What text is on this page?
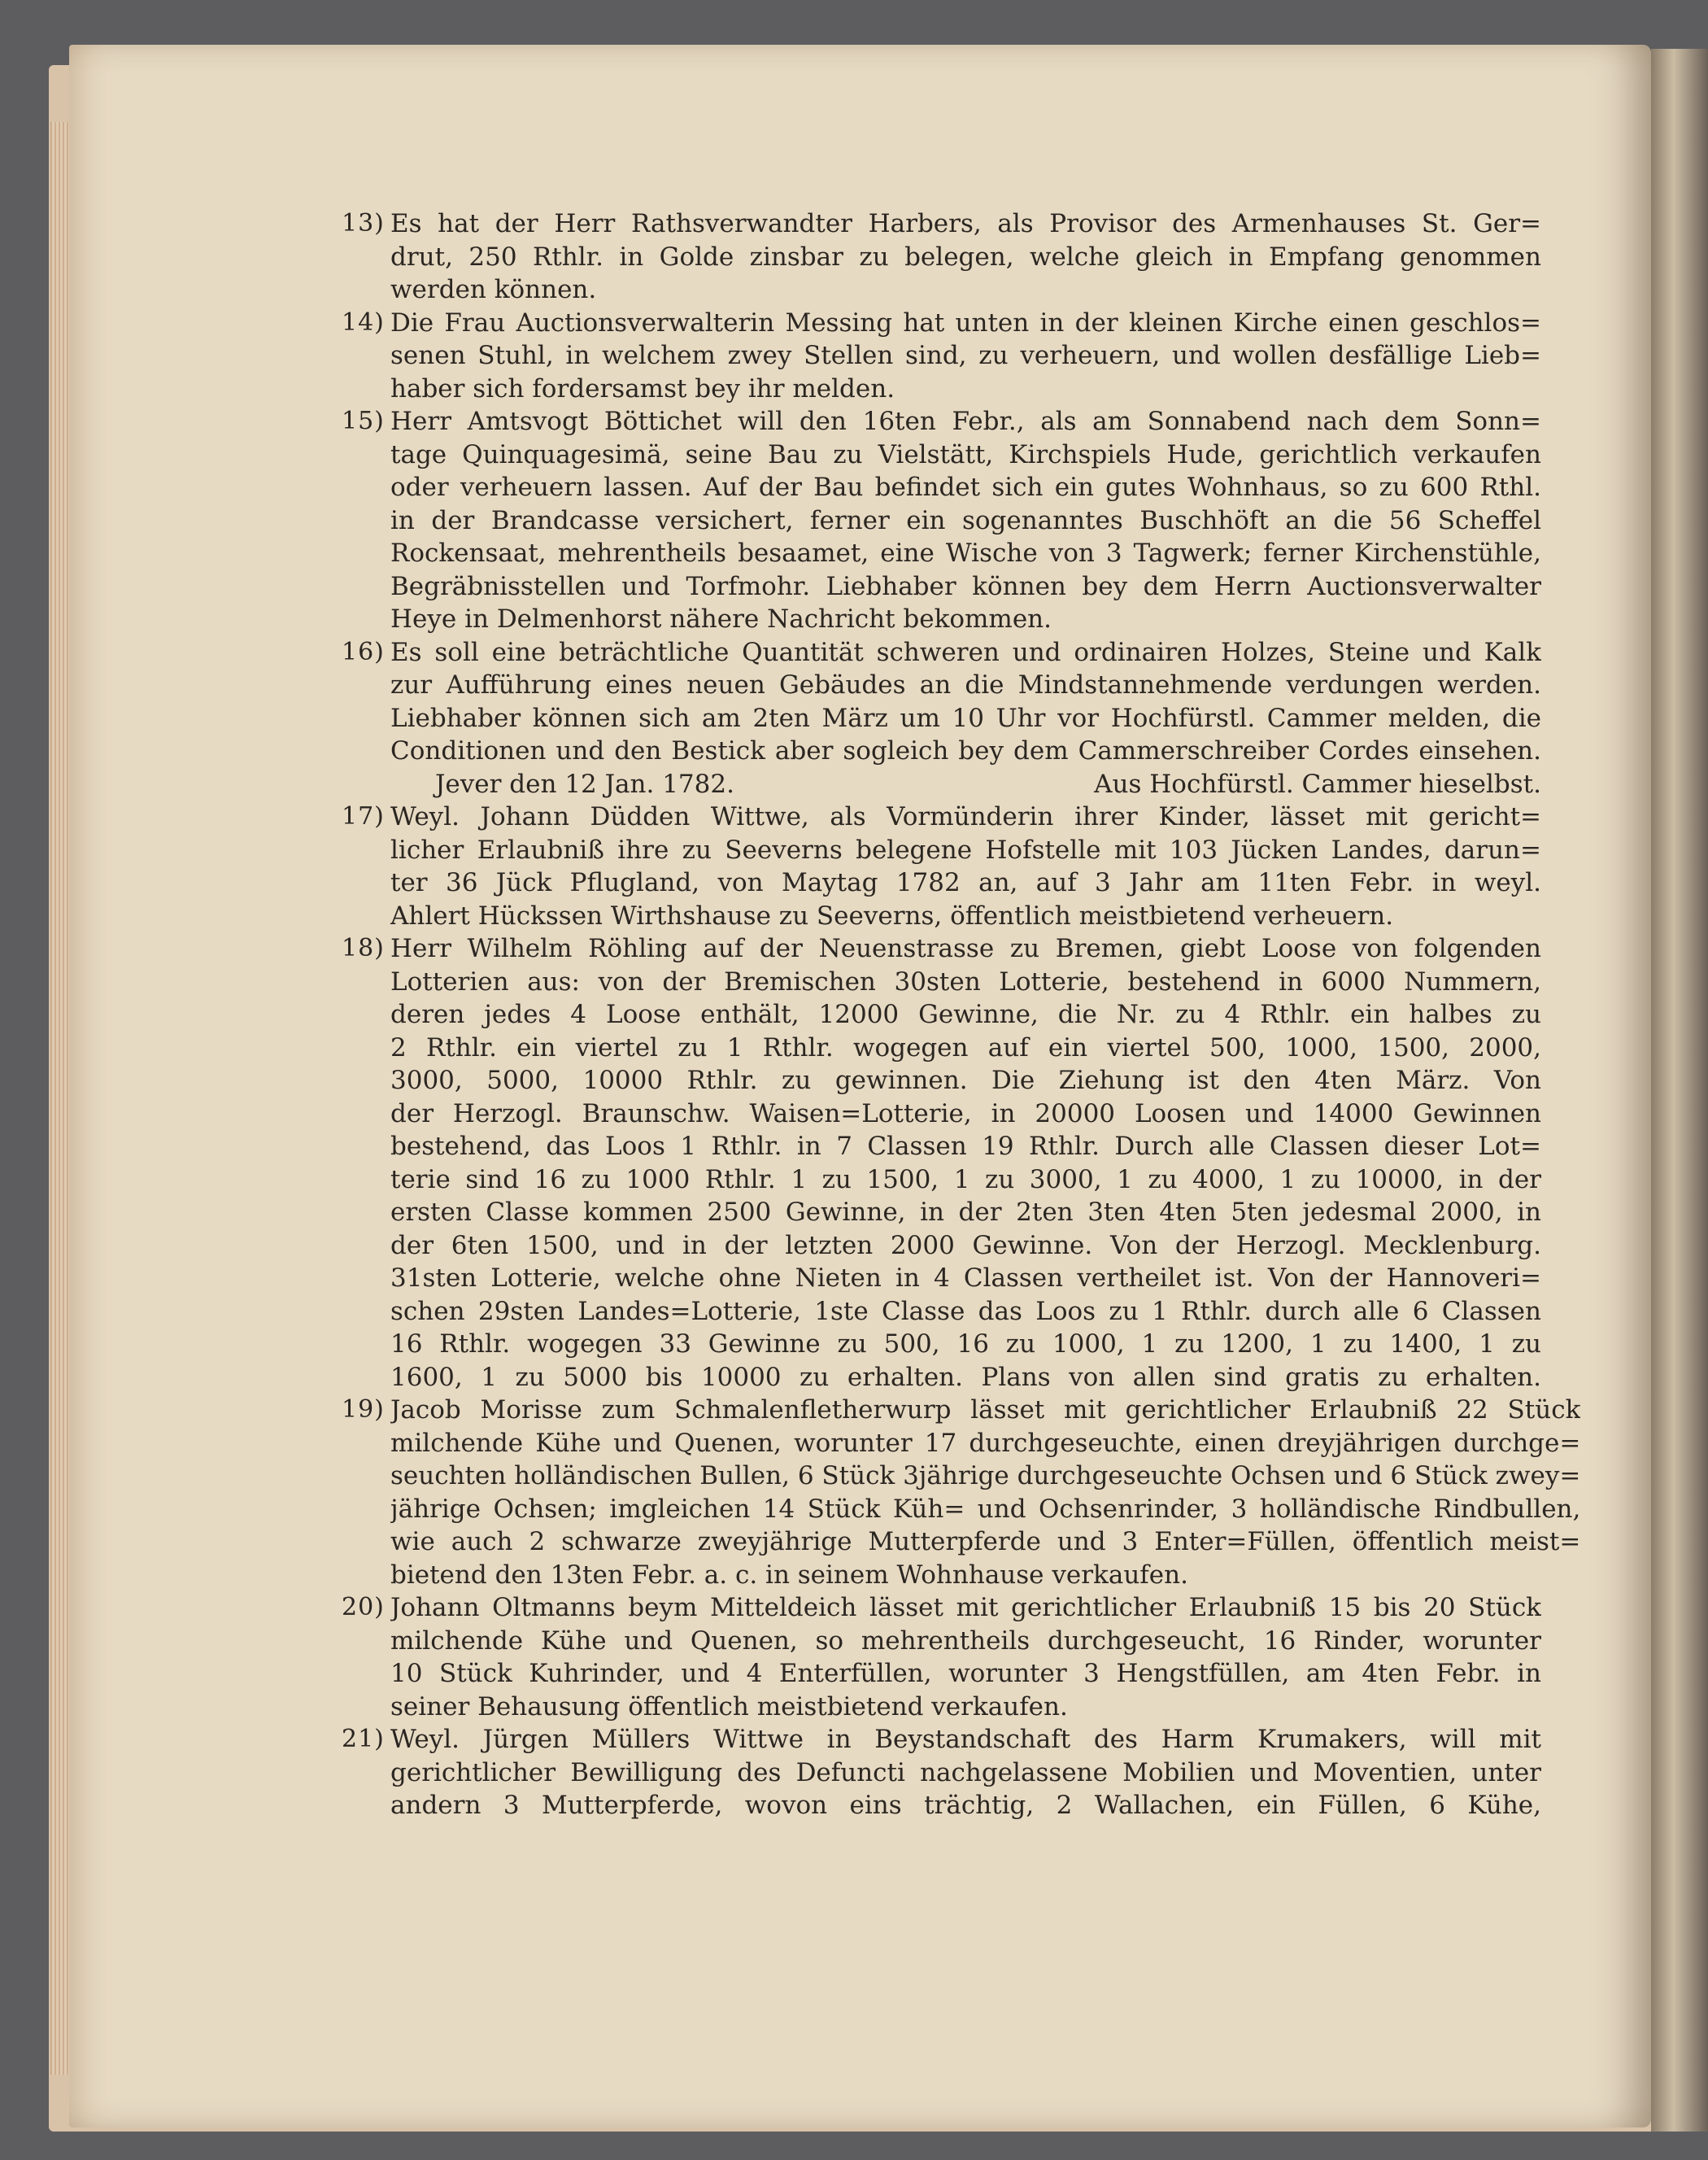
13) Es hat der Herr Rathsverwandter Harbers, als Provisor des Armenhauses St. Ger=
drut, 250 Rthlr. in Golde zinsbar zu belegen, welche gleich in Empfang genommen
werden können.
14) Die Frau Auctionsverwalterin Messing hat unten in der kleinen Kirche einen geschlos=
senen Stuhl, in welchem zwey Stellen sind, zu verheuern, und wollen desfällige Lieb=
haber sich fordersamst bey ihr melden.
15) Herr Amtsvogt Böttichet will den 16ten Febr., als am Sonnabend nach dem Sonn=
tage Quinquagesimä, seine Bau zu Vielstätt, Kirchspiels Hude, gerichtlich verkaufen
oder verheuern lassen. Auf der Bau befindet sich ein gutes Wohnhaus, so zu 600 Rthl.
in der Brandcasse versichert, ferner ein sogenanntes Buschhöft an die 56 Scheffel
Rockensaat, mehrentheils besaamet, eine Wische von 3 Tagwerk; ferner Kirchenstühle,
Begräbnisstellen und Torfmohr. Liebhaber können bey dem Herrn Auctionsverwalter
Heye in Delmenhorst nähere Nachricht bekommen.
16) Es soll eine beträchtliche Quantität schweren und ordinairen Holzes, Steine und Kalk
zur Aufführung eines neuen Gebäudes an die Mindstannehmende verdungen werden.
Liebhaber können sich am 2ten März um 10 Uhr vor Hochfürstl. Cammer melden, die
Conditionen und den Bestick aber sogleich bey dem Cammerschreiber Cordes einsehen.
Jever den 12 Jan. 1782.	Aus Hochfürstl. Cammer hieselbst.
17) Weyl. Johann Düdden Wittwe, als Vormünderin ihrer Kinder, lässet mit gericht=
licher Erlaubniß ihre zu Seeverns belegene Hofstelle mit 103 Jücken Landes, darun=
ter 36 Jück Pflugland, von Maytag 1782 an, auf 3 Jahr am 11ten Febr. in weyl.
Ahlert Hückssen Wirthshause zu Seeverns, öffentlich meistbietend verheuern.
18) Herr Wilhelm Röhling auf der Neuenstrasse zu Bremen, giebt Loose von folgenden
Lotterien aus: von der Bremischen 30sten Lotterie, bestehend in 6000 Nummern,
deren jedes 4 Loose enthält, 12000 Gewinne, die Nr. zu 4 Rthlr. ein halbes zu
2 Rthlr. ein viertel zu 1 Rthlr. wogegen auf ein viertel 500, 1000, 1500, 2000,
3000, 5000, 10000 Rthlr. zu gewinnen. Die Ziehung ist den 4ten März. Von
der Herzogl. Braunschw. Waisen=Lotterie, in 20000 Loosen und 14000 Gewinnen
bestehend, das Loos 1 Rthlr. in 7 Classen 19 Rthlr. Durch alle Classen dieser Lot=
terie sind 16 zu 1000 Rthlr. 1 zu 1500, 1 zu 3000, 1 zu 4000, 1 zu 10000, in der
ersten Classe kommen 2500 Gewinne, in der 2ten 3ten 4ten 5ten jedesmal 2000, in
der 6ten 1500, und in der letzten 2000 Gewinne. Von der Herzogl. Mecklenburg.
31sten Lotterie, welche ohne Nieten in 4 Classen vertheilet ist. Von der Hannoveri=
schen 29sten Landes=Lotterie, 1ste Classe das Loos zu 1 Rthlr. durch alle 6 Classen
16 Rthlr. wogegen 33 Gewinne zu 500, 16 zu 1000, 1 zu 1200, 1 zu 1400, 1 zu
1600, 1 zu 5000 bis 10000 zu erhalten. Plans von allen sind gratis zu erhalten.
19) Jacob Morisse zum Schmalenfletherwurp lässet mit gerichtlicher Erlaubniß 22 Stück
milchende Kühe und Quenen, worunter 17 durchgeseuchte, einen dreyjährigen durchge=
seuchten holländischen Bullen, 6 Stück 3jährige durchgeseuchte Ochsen und 6 Stück zwey=
jährige Ochsen; imgleichen 14 Stück Küh= und Ochsenrinder, 3 holländische Rindbullen,
wie auch 2 schwarze zweyjährige Mutterpferde und 3 Enter=Füllen, öffentlich meist=
bietend den 13ten Febr. a. c. in seinem Wohnhause verkaufen.
20) Johann Oltmanns beym Mitteldeich lässet mit gerichtlicher Erlaubniß 15 bis 20 Stück
milchende Kühe und Quenen, so mehrentheils durchgeseucht, 16 Rinder, worunter
10 Stück Kuhrinder, und 4 Enterfüllen, worunter 3 Hengstfüllen, am 4ten Febr. in
seiner Behausung öffentlich meistbietend verkaufen.
21) Weyl. Jürgen Müllers Wittwe in Beystandschaft des Harm Krumakers, will mit
gerichtlicher Bewilligung des Defuncti nachgelassene Mobilien und Moventien, unter
andern 3 Mutterpferde, wovon eins trächtig, 2 Wallachen, ein Füllen, 6 Kühe,
